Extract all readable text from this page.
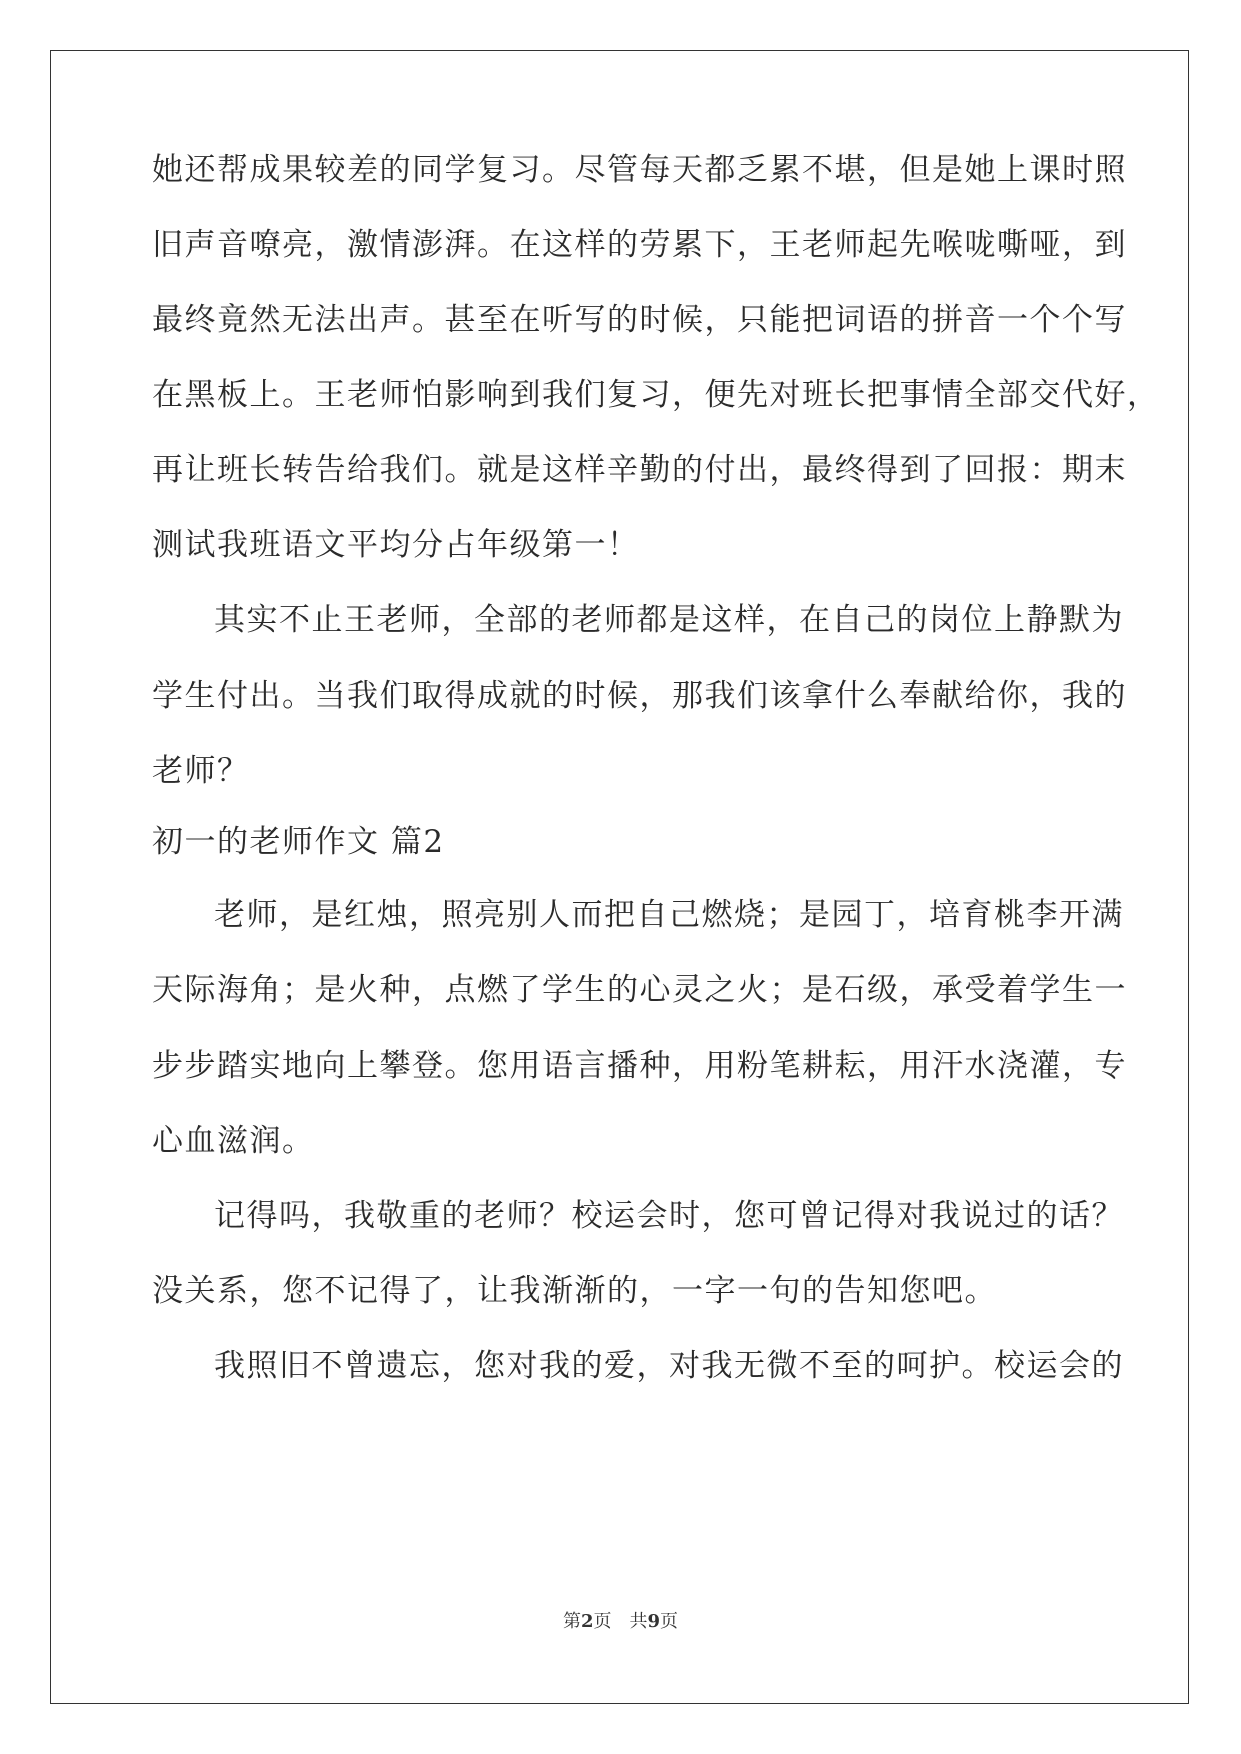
她还帮成果较差的同学复习。尽管每天都乏累不堪，但是她上课时照
旧声音嘹亮，激情澎湃。在这样的劳累下，王老师起先喉咙嘶哑，到
最终竟然无法出声。甚至在听写的时候，只能把词语的拼音一个个写
在黑板上。王老师怕影响到我们复习，便先对班长把事情全部交代好，
再让班长转告给我们。就是这样辛勤的付出，最终得到了回报：期末
测试我班语文平均分占年级第一！
其实不止王老师，全部的老师都是这样，在自己的岗位上静默为
学生付出。当我们取得成就的时候，那我们该拿什么奉献给你，我的
老师？
初一的老师作文 篇2
老师，是红烛，照亮别人而把自己燃烧；是园丁，培育桃李开满
天际海角；是火种，点燃了学生的心灵之火；是石级，承受着学生一
步步踏实地向上攀登。您用语言播种，用粉笔耕耘，用汗水浇灌，专
心血滋润。
记得吗，我敬重的老师？校运会时，您可曾记得对我说过的话？
没关系，您不记得了，让我渐渐的，一字一句的告知您吧。
我照旧不曾遗忘，您对我的爱，对我无微不至的呵护。校运会的
第2页　共9页
